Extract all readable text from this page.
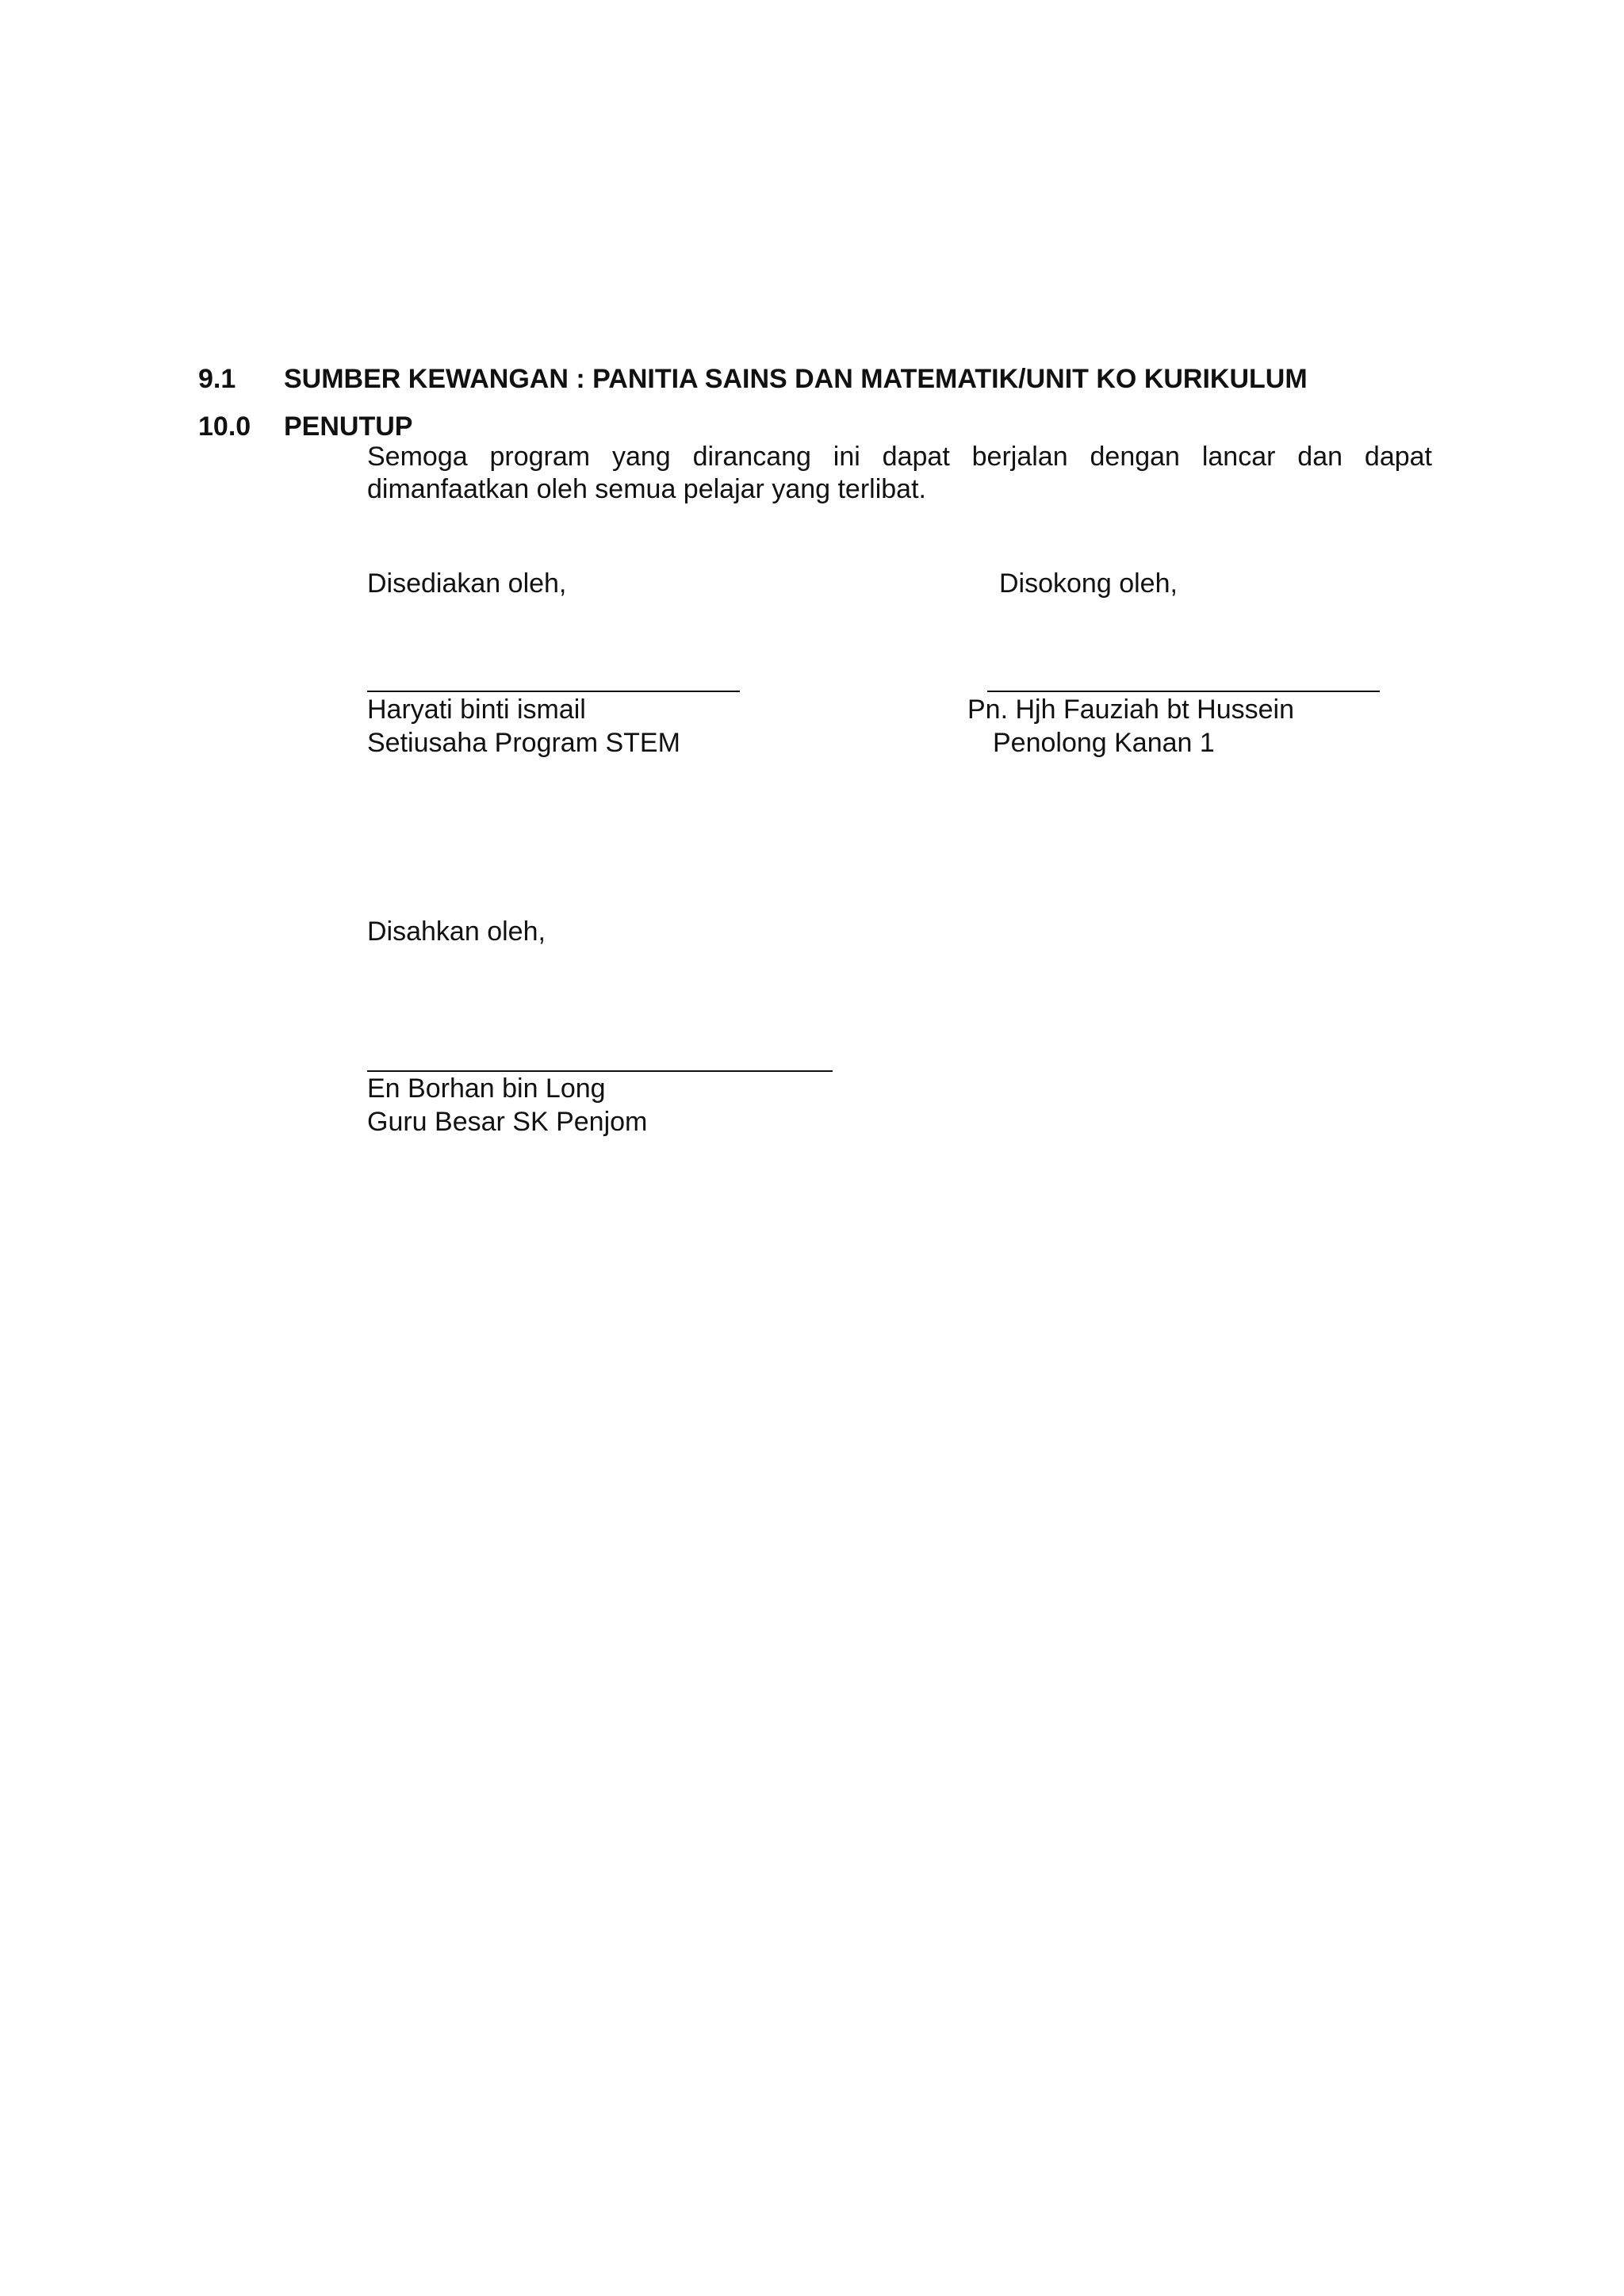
9.1 SUMBER KEWANGAN : PANITIA SAINS DAN MATEMATIK/UNIT KO KURIKULUM
10.0 PENUTUP
Semoga program yang dirancang ini dapat berjalan dengan lancar dan dapat
dimanfaatkan oleh semua pelajar yang terlibat.
Disediakan oleh,
Haryati binti ismail
Setiusaha Program STEM
Disokong oleh,
Pn. Hjh Fauziah bt Hussein
Penolong Kanan 1
Disahkan oleh,
En Borhan bin Long
Guru Besar SK Penjom
